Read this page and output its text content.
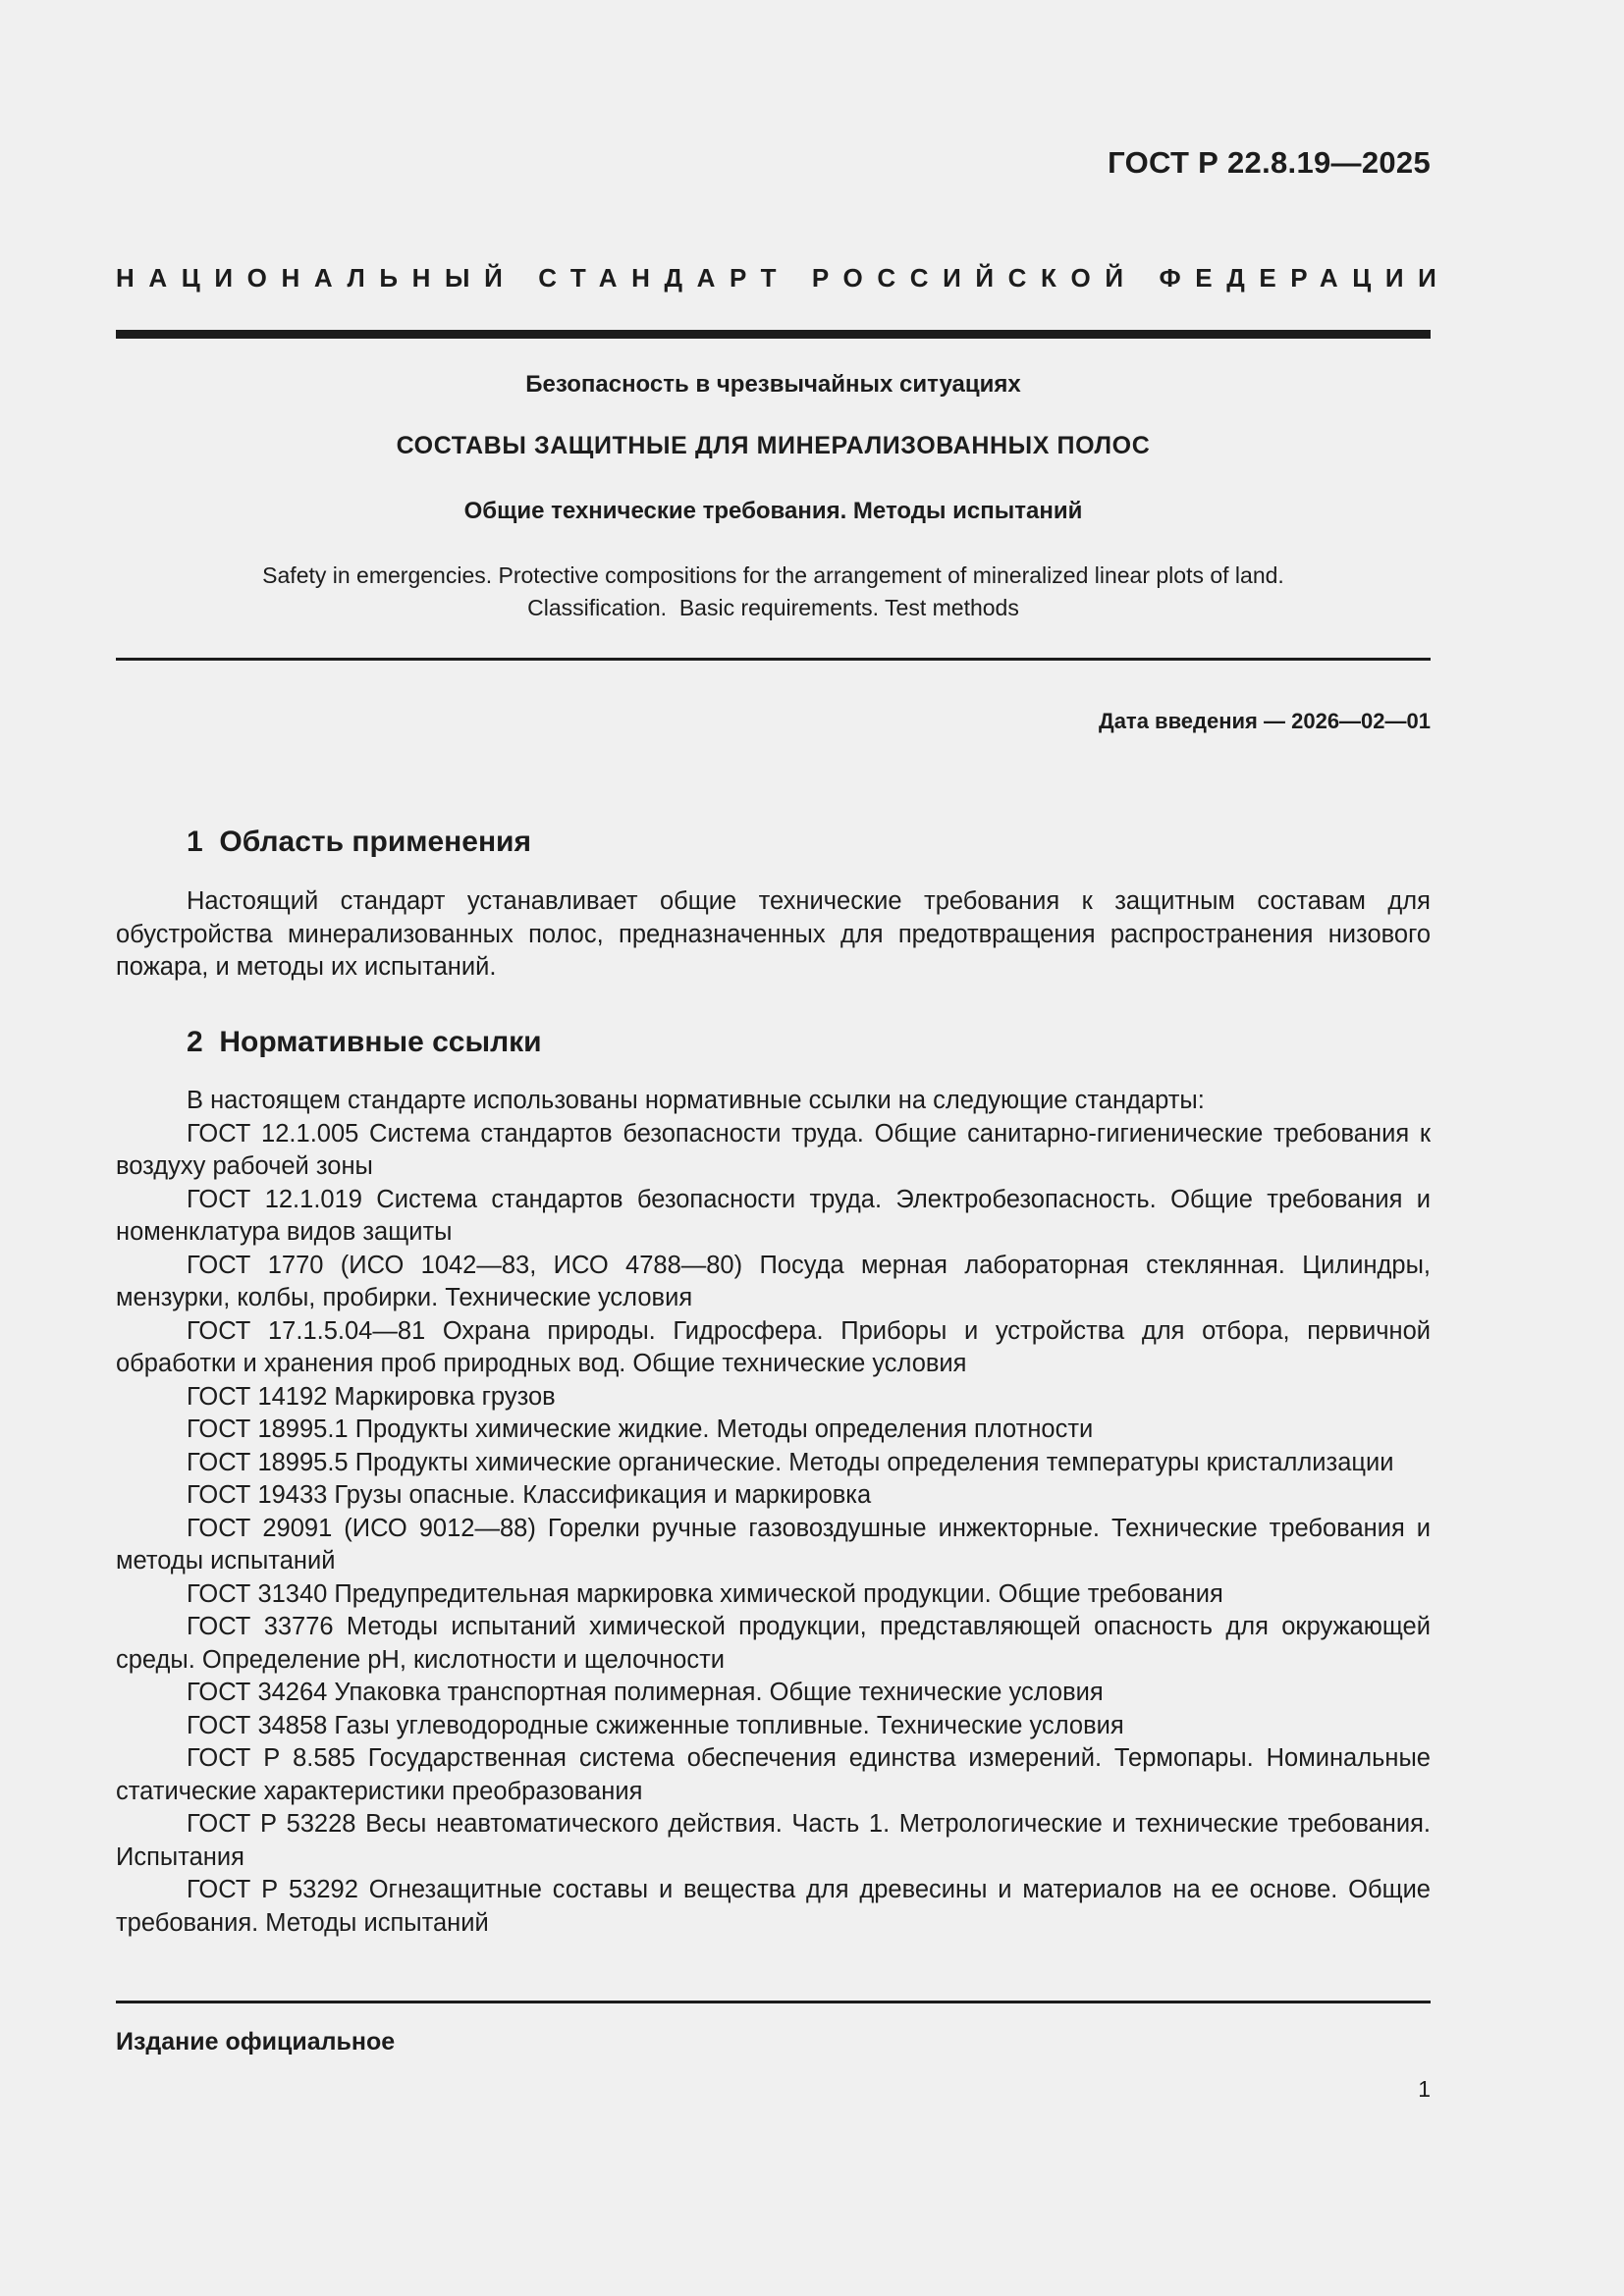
ГОСТ Р 22.8.19—2025
НАЦИОНАЛЬНЫЙ СТАНДАРТ РОССИЙСКОЙ ФЕДЕРАЦИИ

Безопасность в чрезвычайных ситуациях

СОСТАВЫ ЗАЩИТНЫЕ ДЛЯ МИНЕРАЛИЗОВАННЫХ ПОЛОС

Общие технические требования. Методы испытаний

Safety in emergencies. Protective compositions for the arrangement of mineralized linear plots of land.
Classification.  Basic requirements. Test methods
Дата введения — 2026—02—01
1  Область применения

Настоящий стандарт устанавливает общие технические требования к защитным составам для обустройства минерализованных полос, предназначенных для предотвращения распространения низового пожара, и методы их испытаний.

2  Нормативные ссылки

В настоящем стандарте использованы нормативные ссылки на следующие стандарты:

ГОСТ 12.1.005 Система стандартов безопасности труда. Общие санитарно-гигиенические требования к воздуху рабочей зоны

ГОСТ 12.1.019 Система стандартов безопасности труда. Электробезопасность. Общие требования и номенклатура видов защиты

ГОСТ 1770 (ИСО 1042—83, ИСО 4788—80) Посуда мерная лабораторная стеклянная. Цилиндры, мензурки, колбы, пробирки. Технические условия

ГОСТ 17.1.5.04—81 Охрана природы. Гидросфера. Приборы и устройства для отбора, первичной обработки и хранения проб природных вод. Общие технические условия

ГОСТ 14192 Маркировка грузов

ГОСТ 18995.1 Продукты химические жидкие. Методы определения плотности

ГОСТ 18995.5 Продукты химические органические. Методы определения температуры кристаллизации

ГОСТ 19433 Грузы опасные. Классификация и маркировка

ГОСТ 29091 (ИСО 9012—88) Горелки ручные газовоздушные инжекторные. Технические требования и методы испытаний

ГОСТ 31340 Предупредительная маркировка химической продукции. Общие требования

ГОСТ 33776 Методы испытаний химической продукции, представляющей опасность для окружающей среды. Определение pH, кислотности и щелочности

ГОСТ 34264 Упаковка транспортная полимерная. Общие технические условия

ГОСТ 34858 Газы углеводородные сжиженные топливные. Технические условия

ГОСТ Р 8.585 Государственная система обеспечения единства измерений. Термопары. Номинальные статические характеристики преобразования

ГОСТ Р 53228 Весы неавтоматического действия. Часть 1. Метрологические и технические требования. Испытания

ГОСТ Р 53292 Огнезащитные составы и вещества для древесины и материалов на ее основе. Общие требования. Методы испытаний

Издание официальное
1
